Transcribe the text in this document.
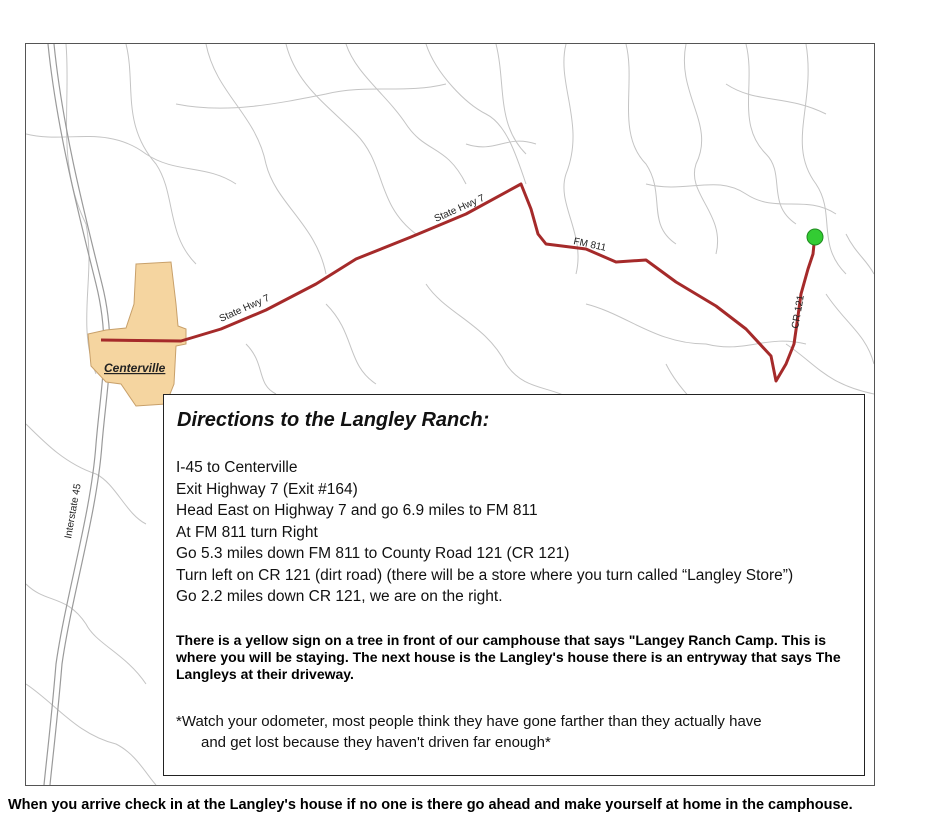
State Hwy 7
State Hwy 7
FM 811
CR 121
Interstate 45
Centerville
Directions to the Langley Ranch:
I-45 to Centerville
Exit Highway 7 (Exit #164)
Head East on Highway 7 and go 6.9 miles to FM 811
At FM 811 turn Right
Go 5.3 miles down FM 811 to County Road 121 (CR 121)
Turn left on CR 121 (dirt road) (there will be a store where you turn called “Langley Store”)
Go 2.2 miles down CR 121, we are on the right.
There is a yellow sign on a tree in front of our camphouse that says "Langey Ranch Camp. This is where you will be staying. The next house is the Langley's house there is an entryway that says The Langleys at their driveway.
*Watch your odometer, most people think they have gone farther than they actually have
and get lost because they haven't driven far enough*
When you arrive check in at the Langley's house if no one is there go ahead and make yourself at home in the camphouse.
